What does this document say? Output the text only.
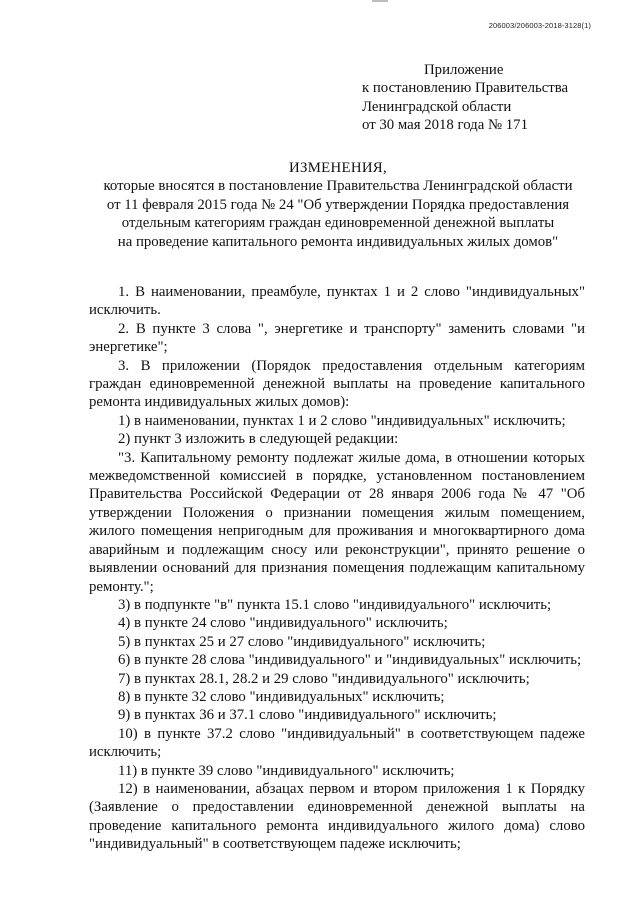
206003/206003-2018-3128(1)
Приложение
к постановлению Правительства
Ленинградской области
от 30 мая 2018 года № 171
ИЗМЕНЕНИЯ,
которые вносятся в постановление Правительства Ленинградской области
от 11 февраля 2015 года № 24 "Об утверждении Порядка предоставления
отдельным категориям граждан единовременной денежной выплаты
на проведение капитального ремонта индивидуальных жилых домов"

1. В наименовании, преамбуле, пунктах 1 и 2 слово "индивидуальных" исключить.

2. В пункте 3 слова ", энергетике и транспорту" заменить словами "и энергетике";

3. В приложении (Порядок предоставления отдельным категориям граждан единовременной денежной выплаты на проведение капитального ремонта индивидуальных жилых домов):

1) в наименовании, пунктах 1 и 2 слово "индивидуальных" исключить;

2) пункт 3 изложить в следующей редакции:

"3. Капитальному ремонту подлежат жилые дома, в отношении которых межведомственной комиссией в порядке, установленном постановлением Правительства Российской Федерации от 28 января 2006 года № 47 "Об утверждении Положения о признании помещения жилым помещением, жилого помещения непригодным для проживания и многоквартирного дома аварийным и подлежащим сносу или реконструкции", принято решение о выявлении оснований для признания помещения подлежащим капитальному ремонту.";

3) в подпункте "в" пункта 15.1 слово "индивидуального" исключить;

4) в пункте 24 слово "индивидуального" исключить;

5) в пунктах 25 и 27 слово "индивидуального" исключить;

6) в пункте 28 слова "индивидуального" и "индивидуальных" исключить;

7) в пунктах 28.1, 28.2 и 29 слово "индивидуального" исключить;

8) в пункте 32 слово "индивидуальных" исключить;

9) в пунктах 36 и 37.1 слово "индивидуального" исключить;

10) в пункте 37.2 слово "индивидуальный" в соответствующем падеже исключить;

11) в пункте 39 слово "индивидуального" исключить;

12) в наименовании, абзацах первом и втором приложения 1 к Порядку (Заявление о предоставлении единовременной денежной выплаты на проведение капитального ремонта индивидуального жилого дома) слово "индивидуальный" в соответствующем падеже исключить;
